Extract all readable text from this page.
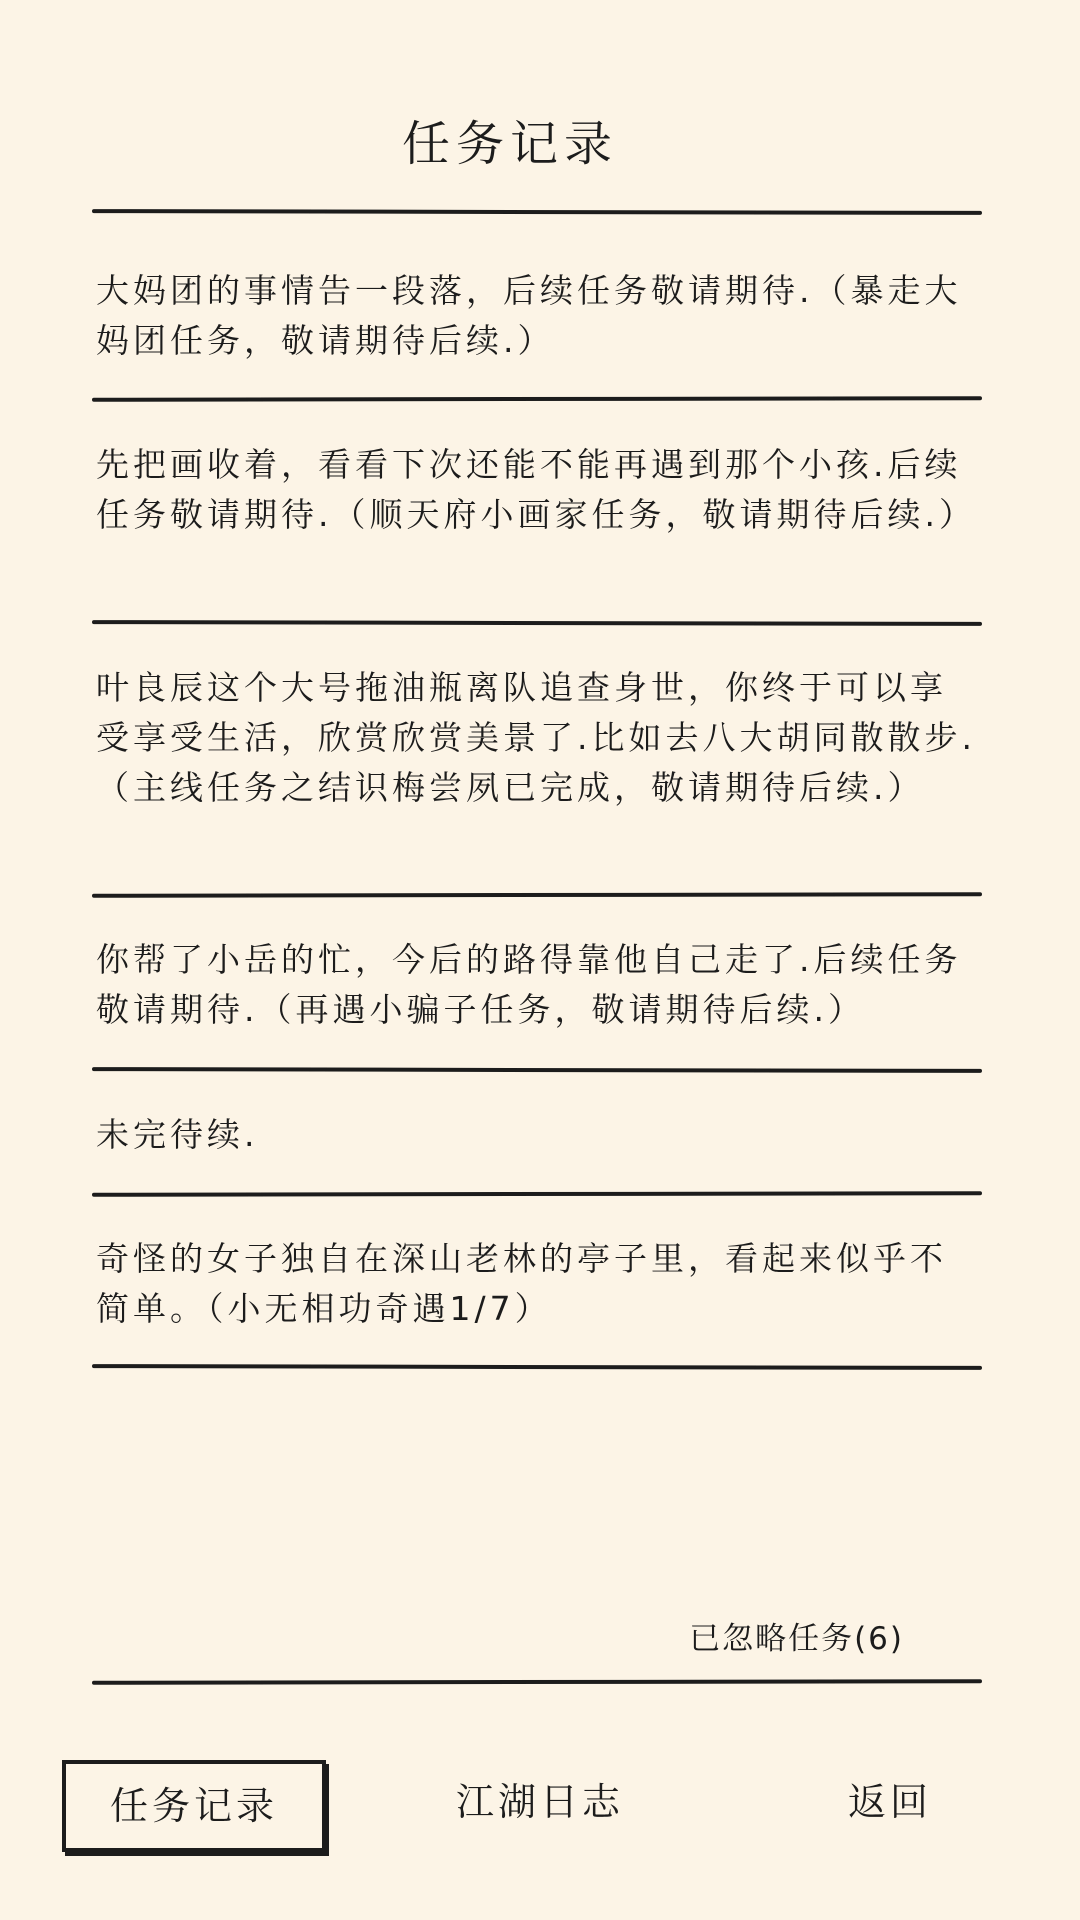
任务记录
大妈团的事情告一段落，后续任务敬请期待.（暴走大妈团任务，敬请期待后续.）
先把画收着，看看下次还能不能再遇到那个小孩.后续任务敬请期待.（顺天府小画家任务，敬请期待后续.）
叶良辰这个大号拖油瓶离队追查身世，你终于可以享受享受生活，欣赏欣赏美景了.比如去八大胡同散散步.（主线任务之结识梅尝夙已完成，敬请期待后续.）
你帮了小岳的忙，今后的路得靠他自己走了.后续任务敬请期待.（再遇小骗子任务，敬请期待后续.）
未完待续.
奇怪的女子独自在深山老林的亭子里，看起来似乎不简单。（小无相功奇遇1/7）
已忽略任务(6)
任务记录	江湖日志	返回
